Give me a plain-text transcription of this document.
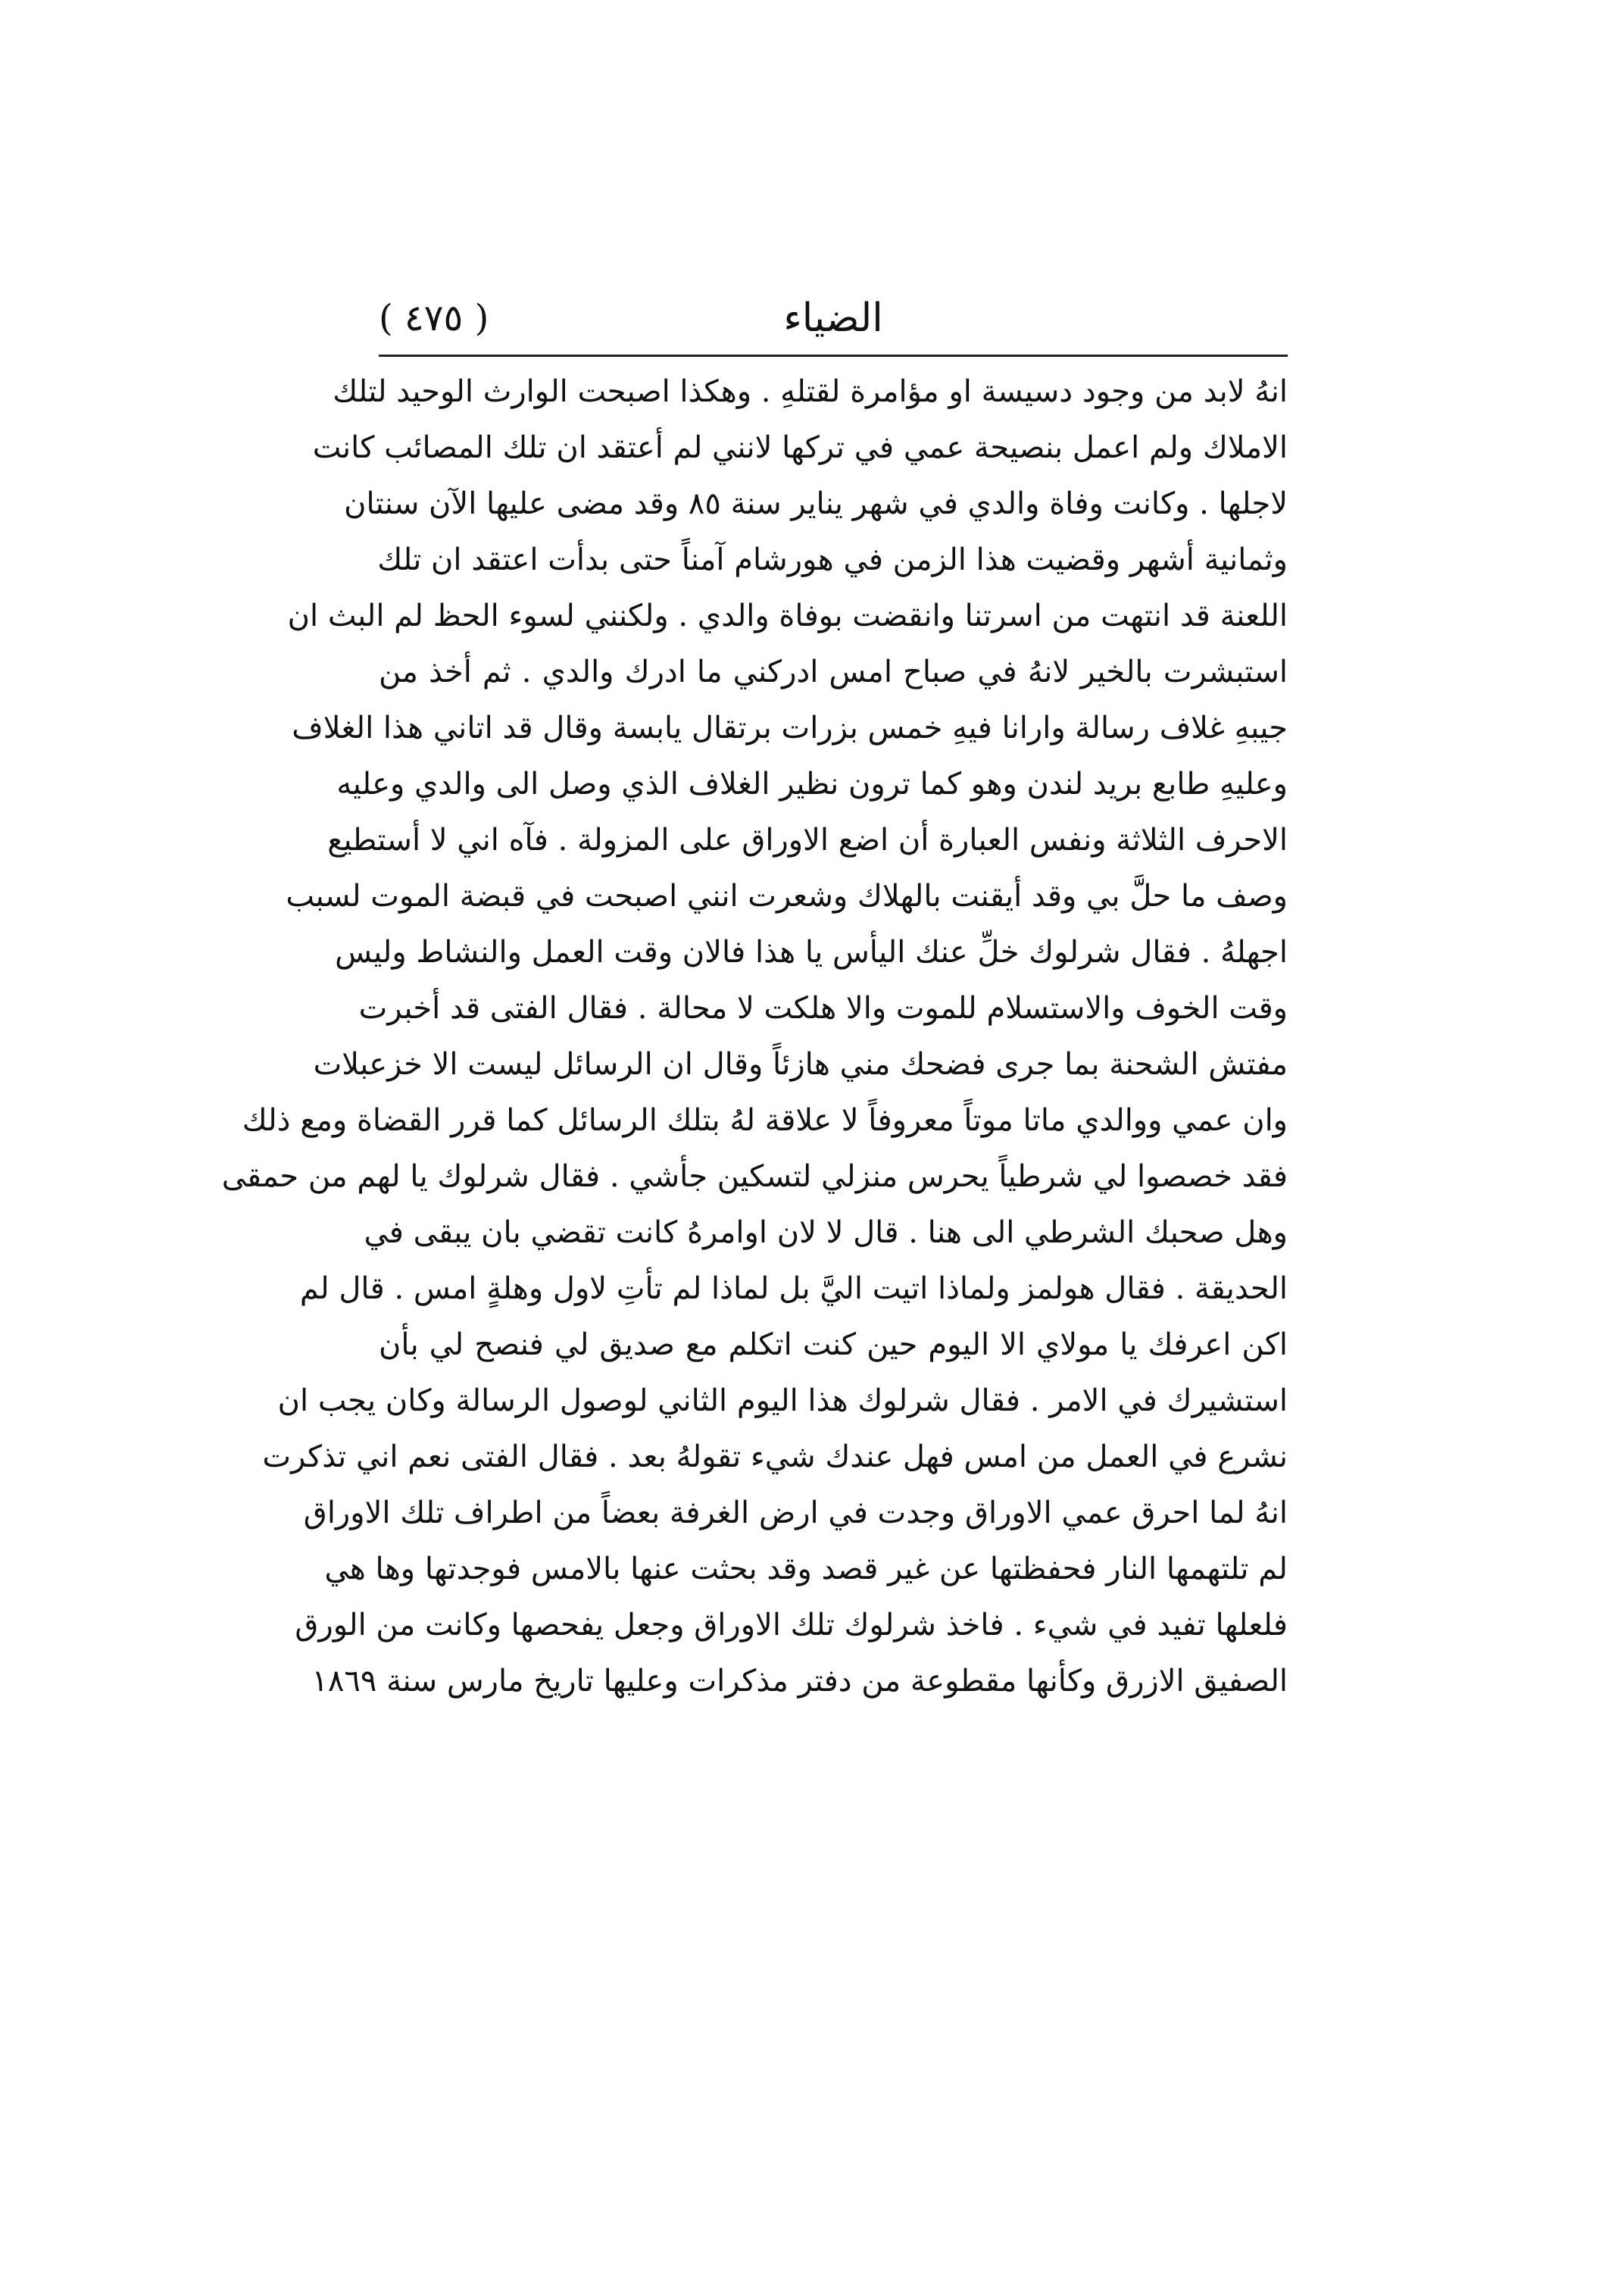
( ٤٧٥ )	الضياء
انهُ لابد من وجود دسيسة او مؤامرة لقتلهِ . وهكذا اصبحت الوارث الوحيد لتلك
الاملاك ولم اعمل بنصيحة عمي في تركها لانني لم أعتقد ان تلك المصائب كانت
لاجلها . وكانت وفاة والدي في شهر يناير سنة ٨٥ وقد مضى عليها الآن سنتان
وثمانية أشهر وقضيت هذا الزمن في هورشام آمناً حتى بدأت اعتقد ان تلك
اللعنة قد انتهت من اسرتنا وانقضت بوفاة والدي . ولكنني لسوء الحظ لم البث ان
استبشرت بالخير لانهُ في صباح امس ادركني ما ادرك والدي . ثم أخذ من
جيبهِ غلاف رسالة وارانا فيهِ خمس بزرات برتقال يابسة وقال قد اتاني هذا الغلاف
وعليهِ طابع بريد لندن وهو كما ترون نظير الغلاف الذي وصل الى والدي وعليه
الاحرف الثلاثة ونفس العبارة أن اضع الاوراق على المزولة . فآه اني لا أستطيع
وصف ما حلَّ بي وقد أيقنت بالهلاك وشعرت انني اصبحت في قبضة الموت لسبب
اجهلهُ . فقال شرلوك خلِّ عنك اليأس يا هذا فالان وقت العمل والنشاط وليس
وقت الخوف والاستسلام للموت والا هلكت لا محالة . فقال الفتى قد أخبرت
مفتش الشحنة بما جرى فضحك مني هازئاً وقال ان الرسائل ليست الا خزعبلات
وان عمي ووالدي ماتا موتاً معروفاً لا علاقة لهُ بتلك الرسائل كما قرر القضاة ومع ذلك
فقد خصصوا لي شرطياً يحرس منزلي لتسكين جأشي . فقال شرلوك يا لهم من حمقى
وهل صحبك الشرطي الى هنا . قال لا لان اوامرهُ كانت تقضي بان يبقى في
الحديقة . فقال هولمز ولماذا اتيت اليَّ بل لماذا لم تأتِ لاول وهلةٍ امس . قال لم
اكن اعرفك يا مولاي الا اليوم حين كنت اتكلم مع صديق لي فنصح لي بأن
استشيرك في الامر . فقال شرلوك هذا اليوم الثاني لوصول الرسالة وكان يجب ان
نشرع في العمل من امس فهل عندك شيء تقولهُ بعد . فقال الفتى نعم اني تذكرت
انهُ لما احرق عمي الاوراق وجدت في ارض الغرفة بعضاً من اطراف تلك الاوراق
لم تلتهمها النار فحفظتها عن غير قصد وقد بحثت عنها بالامس فوجدتها وها هي
فلعلها تفيد في شيء . فاخذ شرلوك تلك الاوراق وجعل يفحصها وكانت من الورق
الصفيق الازرق وكأنها مقطوعة من دفتر مذكرات وعليها تاريخ مارس سنة ١٨٦٩
